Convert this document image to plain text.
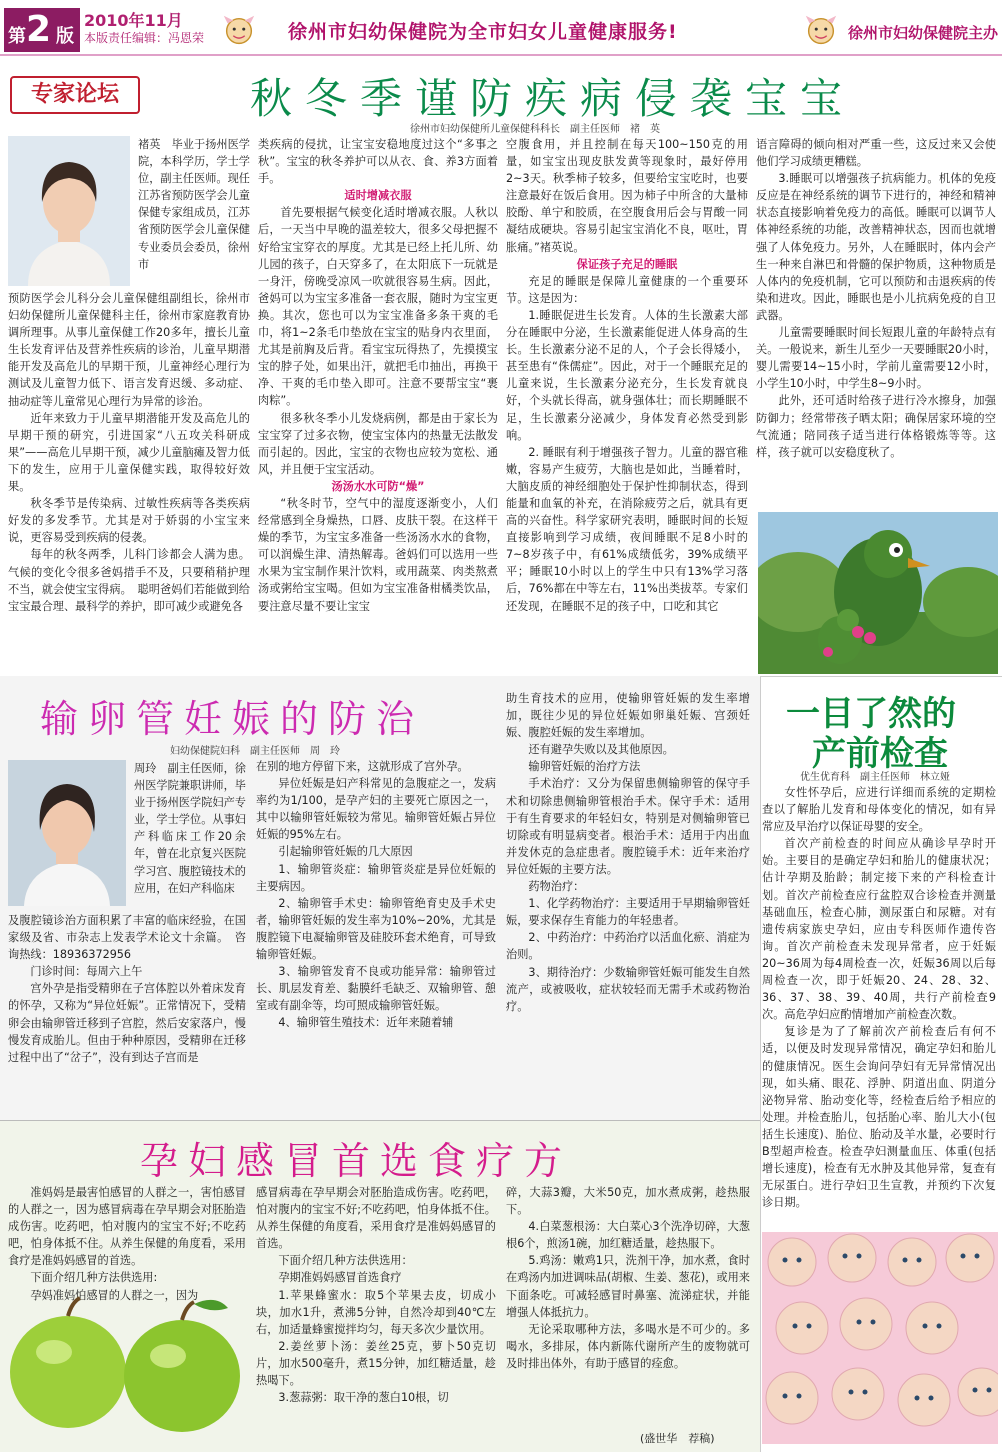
第 2 版
2010年11月
本版责任编辑：冯恩荣	徐州市妇幼保健院为全市妇女儿童健康服务!	徐州市妇幼保健院主办
专家论坛	秋冬季谨防疾病侵袭宝宝
徐州市妇幼保健所儿童保健科科长　副主任医师　褚　英

褚英　毕业于扬州医学院，本科学历，学士学位，副主任医师。现任江苏省预防医学会儿童保健专家组成员，江苏省预防医学会儿童保健专业委员会委员，徐州市

预防医学会儿科分会儿童保健组副组长，徐州市妇幼保健所儿童保健科主任，徐州市家庭教育协调所理事。从事儿童保健工作20多年，擅长儿童生长发育评估及营养性疾病的诊治，儿童早期潜能开发及高危儿的早期干预，儿童神经心理行为测试及儿童智力低下、语言发育迟缓、多动症、抽动症等儿童常见心理行为异常的诊治。

近年来致力于儿童早期潜能开发及高危儿的早期干预的研究，引进国家“八五攻关科研成果”——高危儿早期干预，减少儿童脑瘫及智力低下的发生，应用于儿童保健实践，取得较好效果。

秋冬季节是传染病、过敏性疾病等各类疾病好发的多发季节。尤其是对于娇弱的小宝宝来说，更容易受到疾病的侵袭。

每年的秋冬两季，儿科门诊都会人满为患。气候的变化令很多爸妈措手不及，只要稍稍护理不当，就会使宝宝得病。　聪明爸妈们若能做到给宝宝最合理、最科学的养护，即可减少或避免各

类疾病的侵扰，让宝宝安稳地度过这个“多事之秋”。宝宝的秋冬养护可以从衣、食、养3方面着手。

适时增减衣服

首先要根据气候变化适时增减衣服。人秋以后，一天当中早晚的温差较大，很多父母把握不好给宝宝穿衣的厚度。尤其是已经上托儿所、幼儿园的孩子，白天穿多了，在太阳底下一玩就是一身汗，傍晚受凉风一吹就很容易生病。因此，爸妈可以为宝宝多准备一套衣服，随时为宝宝更换。其次，您也可以为宝宝准备多条干爽的毛巾，将1~2条毛巾垫放在宝宝的贴身内衣里面，尤其是前胸及后背。看宝宝玩得热了，先摸摸宝宝的脖子处，如果出汗，就把毛巾抽出，再换干净、干爽的毛巾垫入即可。注意不要帮宝宝“裹肉粽”。

很多秋冬季小儿发烧病例，都是由于家长为宝宝穿了过多衣物，使宝宝体内的热量无法散发而引起的。因此，宝宝的衣物也应较为宽松、通风，并且便于宝宝活动。

汤汤水水可防“燥”

“秋冬时节，空气中的湿度逐渐变小，人们经常感到全身燥热，口唇、皮肤干裂。在这样干燥的季节，为宝宝多准备一些汤汤水水的食物，可以润燥生津、清热解毒。爸妈们可以选用一些水果为宝宝制作果汁饮料，或用蔬菜、肉类熬煮汤或粥给宝宝喝。但如为宝宝准备柑橘类饮品，要注意尽量不要让宝宝

空腹食用，并且控制在每天100~150克的用量，如宝宝出现皮肤发黄等现象时，最好停用2~3天。秋季柿子较多，但要给宝宝吃时，也要注意最好在饭后食用。因为柿子中所含的大量柿胶酚、单宁和胶质，在空腹食用后会与胃酸一同凝结成硬块。容易引起宝宝消化不良，呕吐，胃胀痛。”褚英说。

保证孩子充足的睡眠

充足的睡眠是保障儿童健康的一个重要环节。这是因为：

1.睡眠促进生长发育。人体的生长激素大部分在睡眠中分泌，生长激素能促进人体身高的生长。生长激素分泌不足的人，个子会长得矮小，甚至患有“侏儒症”。因此，对于一个睡眠充足的儿童来说，生长激素分泌充分，生长发育就良好，个头就长得高，就身强体壮；而长期睡眠不足，生长激素分泌减少，身体发育必然受到影响。

2. 睡眠有利于增强孩子智力。儿童的器官稚嫩，容易产生疲劳，大脑也是如此，当睡着时，大脑皮质的神经细胞处于保护性抑制状态，得到能量和血氧的补充，在消除疲劳之后，就具有更高的兴奋性。科学家研究表明，睡眠时间的长短直接影响到学习成绩，夜间睡眠不足8小时的7~8岁孩子中，有61%成绩低劣，39%成绩平平；睡眠10小时以上的学生中只有13%学习落后，76%都在中等左右，11%出类拔萃。专家们还发现，在睡眠不足的孩子中，口吃和其它

语言障碍的倾向相对严重一些，这反过来又会使他们学习成绩更糟糕。

3.睡眠可以增强孩子抗病能力。机体的免疫反应是在神经系统的调节下进行的，神经和精神状态直接影响着免疫力的高低。睡眠可以调节人体神经系统的功能，改善精神状态，因而也就增强了人体免疫力。另外，人在睡眠时，体内会产生一种来自淋巴和骨髓的保护物质，这种物质是人体内的免疫机制，它可以预防和击退疾病的传染和进攻。因此，睡眠也是小儿抗病免疫的自卫武器。

儿童需要睡眠时间长短跟儿童的年龄特点有关。一般说来，新生儿至少一天要睡眠20小时，婴儿需要14~15小时，学前儿童需要12小时，小学生10小时，中学生8~9小时。

此外，还可适时给孩子进行冷水擦身，加强防御力；经常带孩子晒太阳；确保居家环境的空气流通；陪同孩子适当进行体格锻炼等等。这样，孩子就可以安稳度秋了。

输卵管妊娠的防治
妇幼保健院妇科　副主任医师　周　玲

周玲　副主任医师，徐州医学院兼职讲师，毕业于扬州医学院妇产专业，学士学位。从事妇产科临床工作20余年，曾在北京复兴医院学习宫、腹腔镜技术的应用，在妇产科临床

及腹腔镜诊治方面积累了丰富的临床经验，在国家级及省、市杂志上发表学术论文十余篇。　咨询热线：18936372956

门诊时间：每周六上午

宫外孕是指受精卵在子宫体腔以外着床发育的怀孕，又称为“异位妊娠”。正常情况下，受精卵会由输卵管迁移到子宫腔，然后安家落户，慢慢发育成胎儿。但由于种种原因，受精卵在迁移过程中出了“岔子”，没有到达子宫而是

在别的地方停留下来，这就形成了宫外孕。

异位妊娠是妇产科常见的急腹症之一，发病率约为1/100，是孕产妇的主要死亡原因之一，其中以输卵管妊娠较为常见。输卵管妊娠占异位妊娠的95%左右。

引起输卵管妊娠的几大原因

1、输卵管炎症：输卵管炎症是异位妊娠的主要病因。

2、输卵管手术史：输卵管绝育史及手术史者，输卵管妊娠的发生率为10%~20%，尤其是腹腔镜下电凝输卵管及硅胶环套术绝育，可导致输卵管妊娠。

3、输卵管发育不良或功能异常：输卵管过长、肌层发育差、黏膜纤毛缺乏、双输卵管、憩室或有副伞等，均可照成输卵管妊娠。

4、输卵管生殖技术：近年来随着辅

助生育技术的应用，使输卵管妊娠的发生率增加，既往少见的异位妊娠如卵巢妊娠、宫颈妊娠、腹腔妊娠的发生率增加。

还有避孕失败以及其他原因。

输卵管妊娠的治疗方法

手术治疗：又分为保留患侧输卵管的保守手术和切除患侧输卵管根治手术。保守手术：适用于有生育要求的年轻妇女，特别是对侧输卵管已切除或有明显病变者。根治手术：适用于内出血并发休克的急症患者。腹腔镜手术：近年来治疗异位妊娠的主要方法。

药物治疗：

1、化学药物治疗：主要适用于早期输卵管妊娠，要求保存生育能力的年轻患者。

2、中药治疗：中药治疗以活血化瘀、消症为治则。

3、期待治疗：少数输卵管妊娠可能发生自然流产，或被吸收，症状较轻而无需手术或药物治疗。

孕妇感冒首选食疗方

准妈妈是最害怕感冒的人群之一，害怕感冒的人群之一，因为感冒病毒在孕早期会对胚胎造成伤害。吃药吧，怕对腹内的宝宝不好;不吃药吧，怕身体抵不住。从养生保健的角度看，采用食疗是准妈妈感冒的首选。

下面介绍几种方法供选用:

孕妈准妈怕感冒的人群之一，因为

感冒病毒在孕早期会对胚胎造成伤害。吃药吧，怕对腹内的宝宝不好;不吃药吧，怕身体抵不住。从养生保健的角度看，采用食疗是准妈妈感冒的首选。

下面介绍几种方法供选用：

孕期准妈妈感冒首选食疗

1.苹果蜂蜜水：取5个苹果去皮，切成小块，加水1升，煮沸5分钟，自然冷却到40℃左右，加适量蜂蜜搅拌均匀，每天多次少量饮用。

2.姜丝萝卜汤：姜丝25克，萝卜50克切片，加水500毫升，煮15分钟，加红糖适量，趁热喝下。

3.葱蒜粥：取干净的葱白10根，切

碎，大蒜3瓣，大米50克，加水煮成粥，趁热服下。

4.白菜葱根汤：大白菜心3个洗净切碎，大葱根6个，煎汤1碗，加红糖适量，趁热服下。

5.鸡汤：嫩鸡1只，洗剂干净，加水煮，食时在鸡汤内加进调味品(胡椒、生姜、葱花)，或用来下面条吃。可减轻感冒时鼻塞、流涕症状，并能增强人体抵抗力。

无论采取哪种方法，多喝水是不可少的。多喝水，多排尿，体内新陈代谢所产生的废物就可及时排出体外，有助于感冒的痊愈。

(盛世华　荐稿)
一目了然的
产前检查
优生优育科　副主任医师　林立娅

女性怀孕后，应进行详细而系统的定期检查以了解胎儿发育和母体变化的情况，如有异常应及早治疗以保证母婴的安全。

首次产前检查的时间应从确诊早孕时开始。主要目的是确定孕妇和胎儿的健康状况；估计孕期及胎龄；制定接下来的产科检查计划。首次产前检查应行盆腔双合诊检查并测量基础血压，检查心肺，测尿蛋白和尿糖。对有遗传病家族史孕妇，应由专科医师作遗传咨询。首次产前检查未发现异常者，应于妊娠20~36周为每4周检查一次，妊娠36周以后每周检查一次，即于妊娠20、24、28、32、36、37、38、39、40周，共行产前检查9次。高危孕妇应酌情增加产前检查次数。

复诊是为了了解前次产前检查后有何不适，以便及时发现异常情况，确定孕妇和胎儿的健康情况。医生会询问孕妇有无异常情况出现，如头痛、眼花、浮肿、阴道出血、阴道分泌物异常、胎动变化等，经检查后给予相应的处理。并检查胎儿，包括胎心率、胎儿大小(包括生长速度)、胎位、胎动及羊水量，必要时行B型超声检查。检查孕妇测量血压、体重(包括增长速度)，检查有无水肿及其他异常，复查有无尿蛋白。进行孕妇卫生宣教，并预约下次复诊日期。
